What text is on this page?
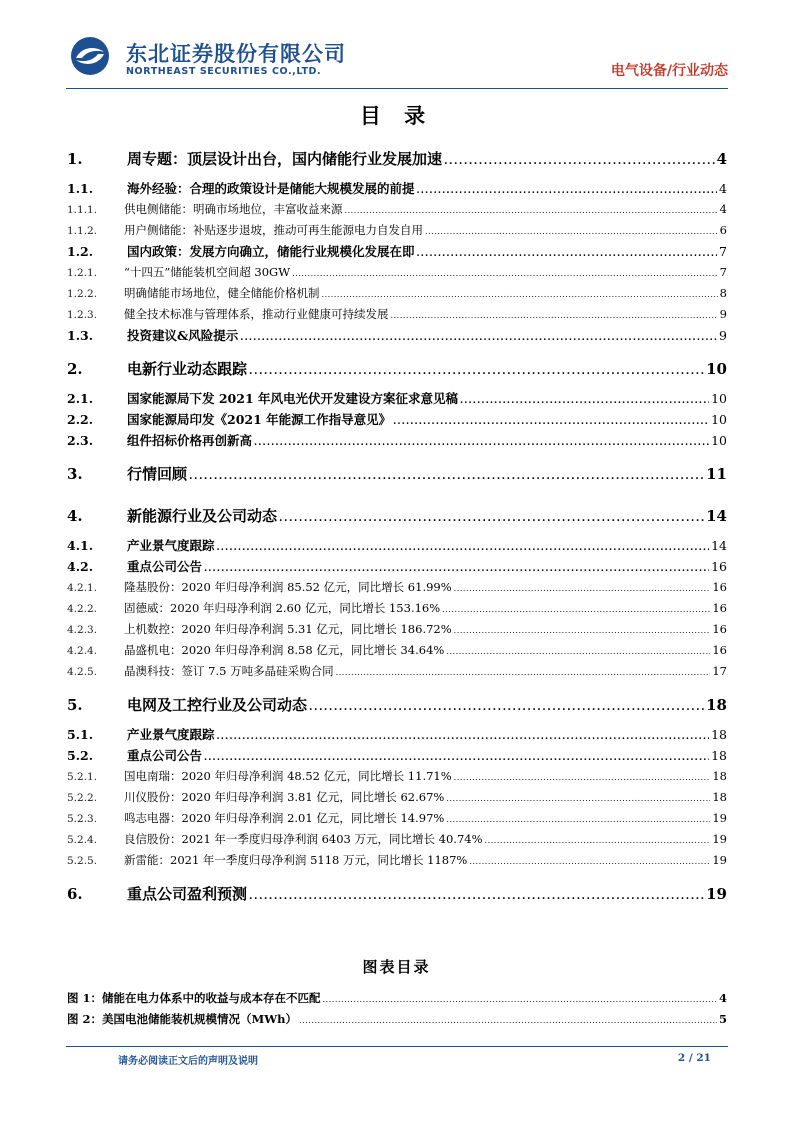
东北证券股份有限公司
NORTHEAST SECURITIES CO.,LTD.	电气设备/行业动态
目 录
1.	周专题：顶层设计出台，国内储能行业发展加速 . . .	4
1.1.	海外经验：合理的政策设计是储能大规模发展的前提 . . .	4
1.1.1.	供电侧储能：明确市场地位，丰富收益来源 . . .	4
1.1.2.	用户侧储能：补贴逐步退坡，推动可再生能源电力自发自用 . . .	6
1.2.	国内政策：发展方向确立，储能行业规模化发展在即 . . .	7
1.2.1.	“十四五”储能装机空间超 30GW . . .	7
1.2.2.	明确储能市场地位，健全储能价格机制 . . .	8
1.2.3.	健全技术标准与管理体系，推动行业健康可持续发展 . . .	9
1.3.	投资建议&风险提示 . . .	9
2.	电新行业动态跟踪 . . .	10
2.1.	国家能源局下发 2021 年风电光伏开发建设方案征求意见稿 . . .	10
2.2.	国家能源局印发《2021 年能源工作指导意见》 . . .	10
2.3.	组件招标价格再创新高 . . .	10
3.	行情回顾 . . .	11
4.	新能源行业及公司动态 . . .	14
4.1.	产业景气度跟踪 . . .	14
4.2.	重点公司公告 . . .	16
4.2.1.	隆基股份：2020 年归母净利润 85.52 亿元，同比增长 61.99% . . .	16
4.2.2.	固德威：2020 年归母净利润 2.60 亿元，同比增长 153.16% . . .	16
4.2.3.	上机数控：2020 年归母净利润 5.31 亿元，同比增长 186.72% . . .	16
4.2.4.	晶盛机电：2020 年归母净利润 8.58 亿元，同比增长 34.64% . . .	16
4.2.5.	晶澳科技：签订 7.5 万吨多晶硅采购合同 . . .	17
5.	电网及工控行业及公司动态 . . .	18
5.1.	产业景气度跟踪 . . .	18
5.2.	重点公司公告 . . .	18
5.2.1.	国电南瑞：2020 年归母净利润 48.52 亿元，同比增长 11.71% . . .	18
5.2.2.	川仪股份：2020 年归母净利润 3.81 亿元，同比增长 62.67% . . .	18
5.2.3.	鸣志电器：2020 年归母净利润 2.01 亿元，同比增长 14.97% . . .	19
5.2.4.	良信股份：2021 年一季度归母净利润 6403 万元，同比增长 40.74% . . .	19
5.2.5.	新雷能：2021 年一季度归母净利润 5118 万元，同比增长 1187% . . .	19
6.	重点公司盈利预测 . . .	19
图表目录
图 1： 储能在电力体系中的收益与成本存在不匹配 . . .	4
图 2： 美国电池储能装机规模情况（MWh） . . .	5
请务必阅读正文后的声明及说明	2 / 21
